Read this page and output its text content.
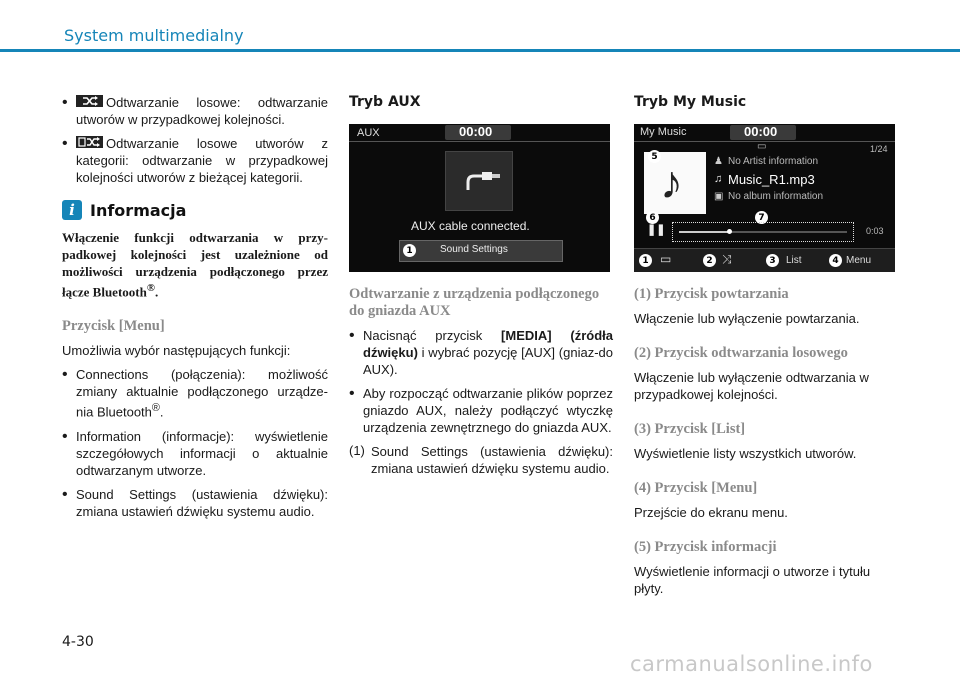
System multimedialny
•	Odtwarzanie losowe: odtwarzanie utworów w przypadkowej kolejności.

•	Odtwarzanie losowe utworów z kategorii: odtwarzanie w przypadkowej kolejności utworów z bieżącej kategorii.

i Informacja

Włączenie funkcji odtwarzania w przy-padkowej kolejności jest uzależnione od możliwości urządzenia podłączonego przez łącze Bluetooth®.

Przycisk [Menu]

Umożliwia wybór następujących funkcji:

• Connections (połączenia): możliwość zmiany aktualnie podłączonego urządze-nia Bluetooth®.

• Information (informacje): wyświetlenie szczegółowych informacji o aktualnie odtwarzanym utworze.

• Sound Settings (ustawienia dźwięku): zmiana ustawień dźwięku systemu audio.

Tryb AUX
AUX	00:00
AUX cable connected.
Sound Settings
1
Odtwarzanie z urządzenia podłączonego do gniazda AUX
• Nacisnąć przycisk [MEDIA] (źródła dźwięku) i wybrać pozycję [AUX] (gniaz-do AUX).

• Aby rozpocząć odtwarzanie plików poprzez gniazdo AUX, należy podłączyć wtyczkę urządzenia zewnętrznego do gniazda AUX.

(1) Sound Settings (ustawienia dźwięku): zmiana ustawień dźwięku systemu audio.

Tryb My Music
My Music	00:00
▭	1/24
♪
5	♟ No Artist information
♫ Music_R1.mp3
▣ No album information
6	7
❚❚	0:03
1 ▭	2 ⤨	3	List	4 Menu
(1) Przycisk powtarzania

Włączenie lub wyłączenie powtarzania.

(2) Przycisk odtwarzania losowego

Włączenie lub wyłączenie odtwarzania w przypadkowej kolejności.

(3) Przycisk [List]

Wyświetlenie listy wszystkich utworów.

(4) Przycisk [Menu]

Przejście do ekranu menu.

(5) Przycisk informacji

Wyświetlenie informacji o utworze i tytułu płyty.

4-30
carmanualsonline.info
